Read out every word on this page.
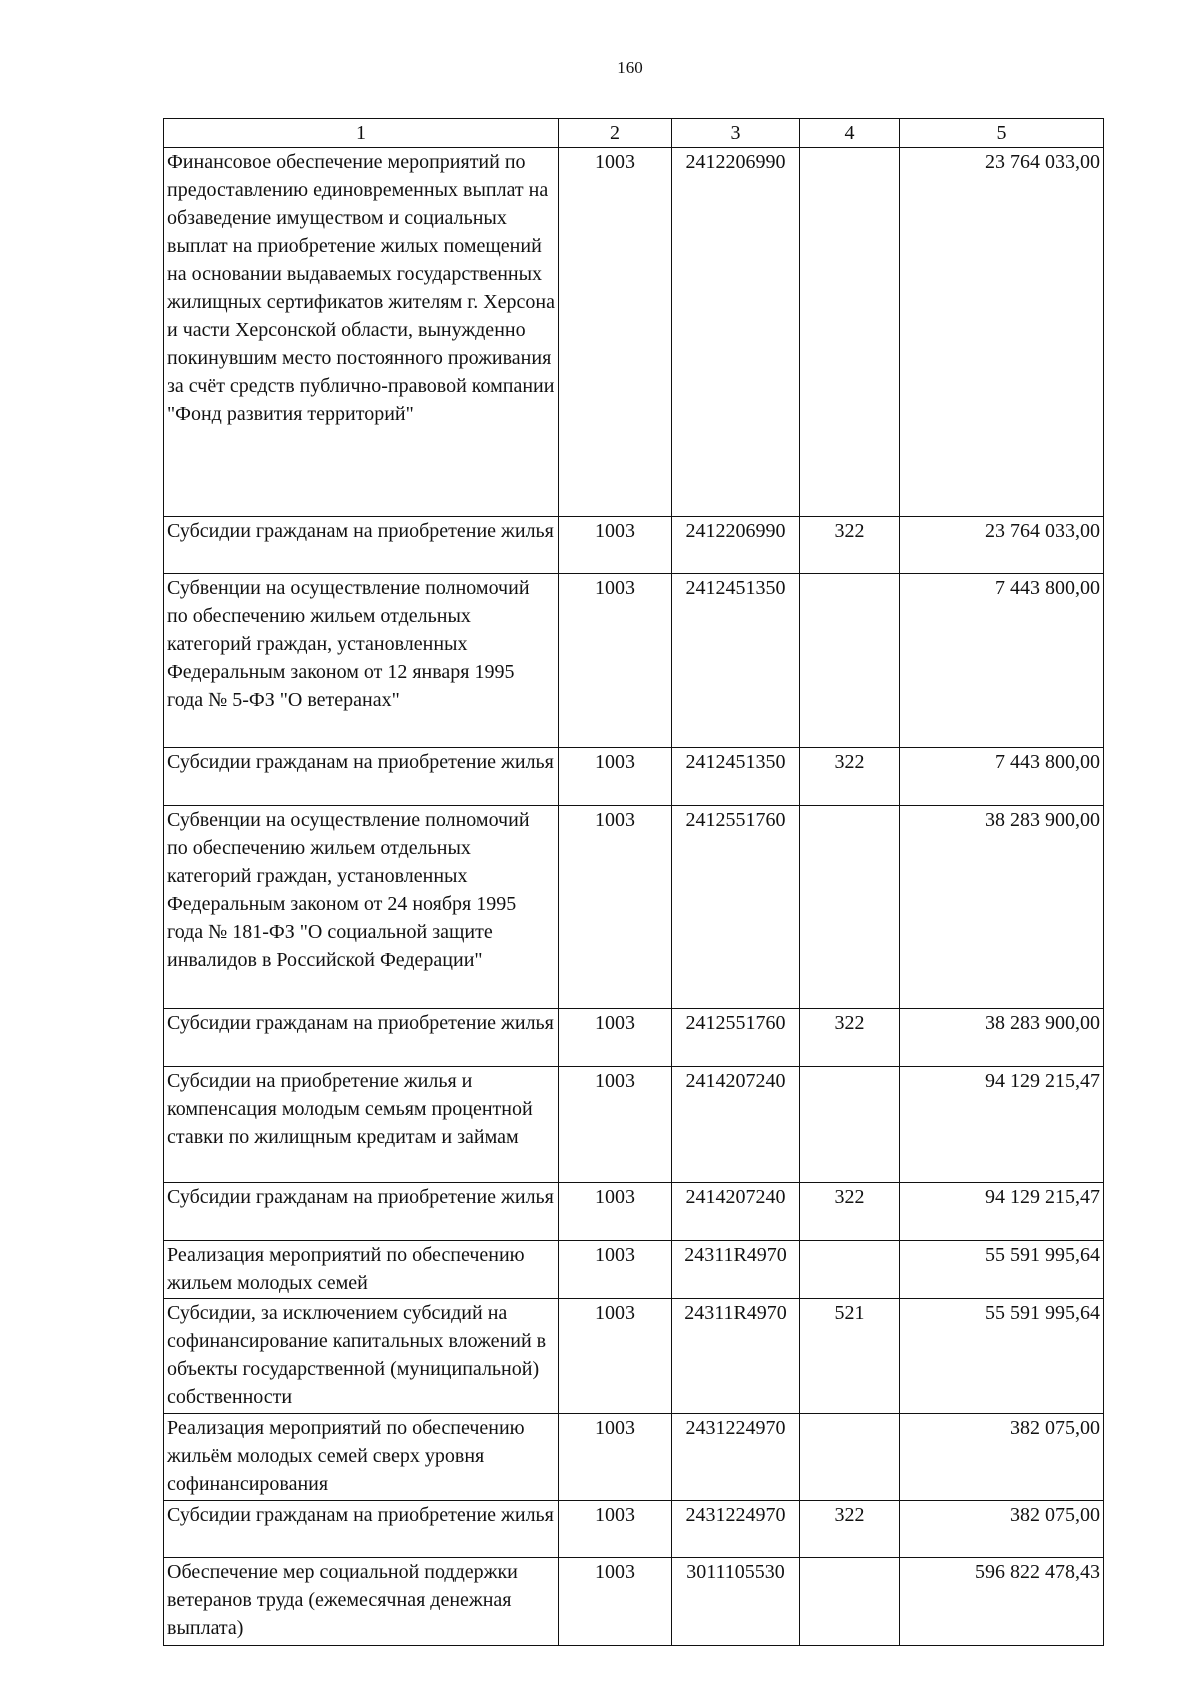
160
1	2	3	4	5
Финансовое обеспечение мероприятий по предоставлению единовременных выплат на обзаведение имуществом и социальных выплат на приобретение жилых помещений на основании выдаваемых государственных жилищных сертификатов жителям г. Херсона и части Херсонской области, вынужденно покинувшим место постоянного проживания за счёт средств публично-правовой компании "Фонд развития территорий"	1003	2412206990		23 764 033,00
Субсидии гражданам на приобретение жилья	1003	2412206990	322	23 764 033,00
Субвенции на осуществление полномочий по обеспечению жильем отдельных категорий граждан, установленных Федеральным законом от 12 января 1995 года № 5-ФЗ "О ветеранах"	1003	2412451350		7 443 800,00
Субсидии гражданам на приобретение жилья	1003	2412451350	322	7 443 800,00
Субвенции на осуществление полномочий по обеспечению жильем отдельных категорий граждан, установленных Федеральным законом от 24 ноября 1995 года № 181-ФЗ "О социальной защите инвалидов в Российской Федерации"	1003	2412551760		38 283 900,00
Субсидии гражданам на приобретение жилья	1003	2412551760	322	38 283 900,00
Субсидии на приобретение жилья и компенсация молодым семьям процентной ставки по жилищным кредитам и займам	1003	2414207240		94 129 215,47
Субсидии гражданам на приобретение жилья	1003	2414207240	322	94 129 215,47
Реализация мероприятий по обеспечению жильем молодых семей	1003	24311R4970		55 591 995,64
Субсидии, за исключением субсидий на софинансирование капитальных вложений в объекты государственной (муниципальной) собственности	1003	24311R4970	521	55 591 995,64
Реализация мероприятий по обеспечению жильём молодых семей сверх уровня софинансирования	1003	2431224970		382 075,00
Субсидии гражданам на приобретение жилья	1003	2431224970	322	382 075,00
Обеспечение мер социальной поддержки ветеранов труда (ежемесячная денежная выплата)	1003	3011105530		596 822 478,43
